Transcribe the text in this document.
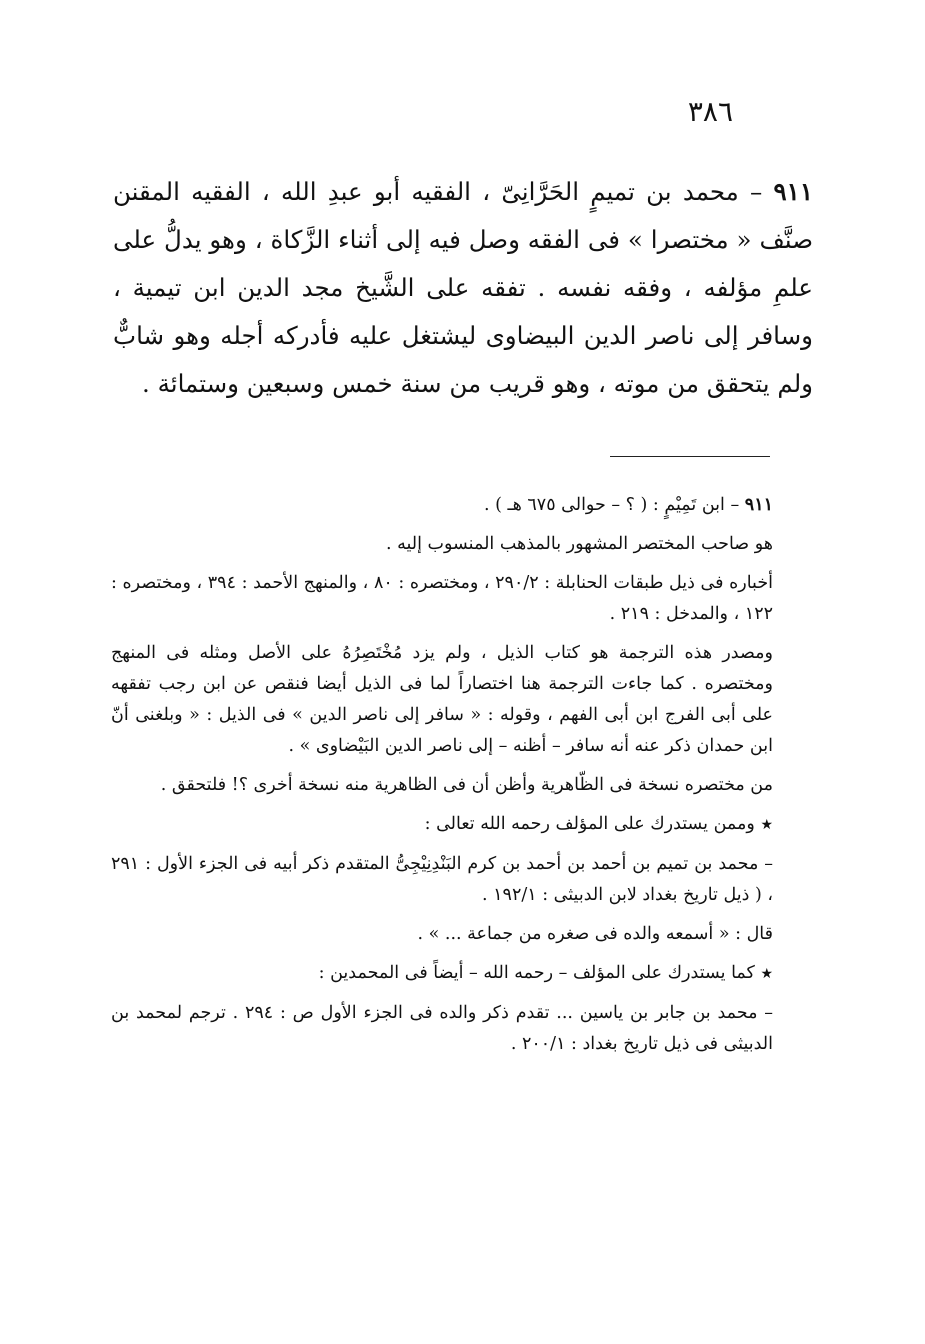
٣٨٦

٩١١ – محمد بن تميمٍ الحَرَّانِىّ ، الفقيه أبو عبدِ الله ، الفقيه المقنن صنَّف « مختصرا » فى الفقه وصل فيه إلى أثناء الزَّكاة ، وهو يدلُّ على علمِ مؤلفه ، وفقه نفسه . تفقه على الشَّيخ مجد الدين ابن تيمية ، وسافر إلى ناصر الدين البيضاوى ليشتغل عليه فأدركه أجله وهو شابٌّ ولم يتحقق من موته ، وهو قريب من سنة خمس وسبعين وستمائة .

٩١١ – ابن تَمِيْمٍ : ( ؟ – حوالى ٦٧٥ هـ ) .

هو صاحب المختصر المشهور بالمذهب المنسوب إليه .

أخباره فى ذيل طبقات الحنابلة : ٢٩٠/٢ ، ومختصره : ٨٠ ، والمنهج الأحمد : ٣٩٤ ، ومختصره : ١٢٢ ، والمدخل : ٢١٩ .

ومصدر هذه الترجمة هو كتاب الذيل ، ولم يزد مُخْتَصِرُهُ على الأصل ومثله فى المنهج ومختصره . كما جاءت الترجمة هنا اختصاراً لما فى الذيل أيضا فنقص عن ابن رجب تفقهه على أبى الفرج ابن أبى الفهم ، وقوله : « سافر إلى ناصر الدين » فى الذيل : « وبلغنى أنّ ابن حمدان ذكر عنه أنه سافر – أظنه – إلى ناصر الدين البَيْضاوى » .

من مختصره نسخة فى الظّاهرية وأظن أن فى الظاهرية منه نسخة أخرى ؟! فلتحقق .

★ وممن يستدرك على المؤلف رحمه الله تعالى :

– محمد بن تميم بن أحمد بن أحمد بن كرم البَنْدِنِيْجِىُّ المتقدم ذكر أبيه فى الجزء الأول : ٢٩١ ، ( ذيل تاريخ بغداد لابن الدبيثى : ١٩٢/١ .

قال : « أسمعه والده فى صغره من جماعة ... » .

★ كما يستدرك على المؤلف – رحمه الله – أيضاً فى المحمدين :

– محمد بن جابر بن ياسين ... تقدم ذكر والده فى الجزء الأول ص : ٢٩٤ . ترجم لمحمد بن الدبيثى فى ذيل تاريخ بغداد : ٢٠٠/١ .
